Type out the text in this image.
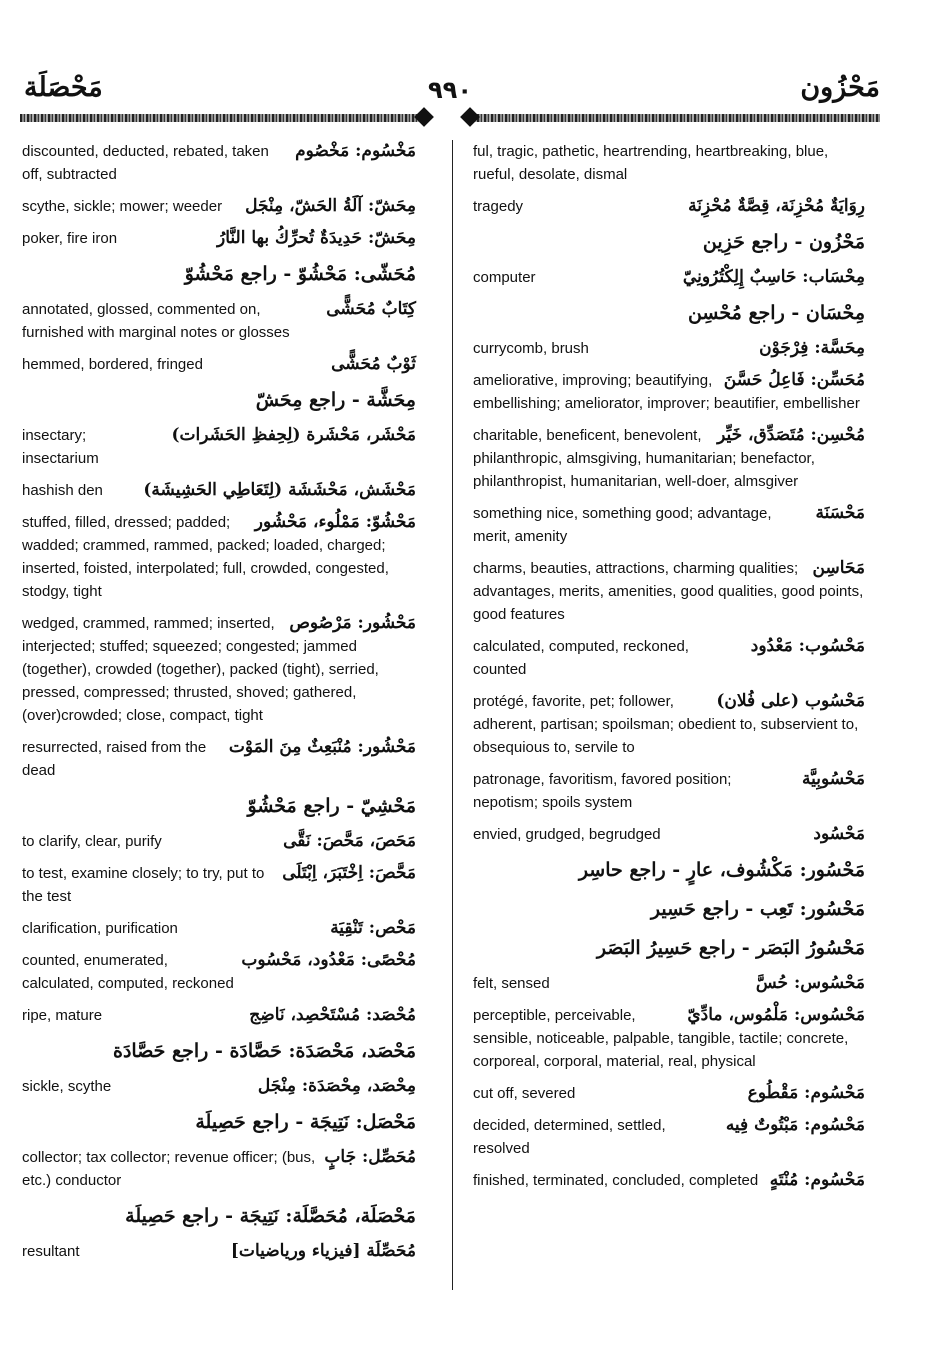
مَحْصَلَة	٩٩٠	مَحْزُون
مَخْسُوم: مَخْصُوم
discounted, deducted, rebated, taken off, subtracted
مِحَشّ: آلَةُ الحَشّ، مِنْجَل
scythe, sickle; mower; weeder
مِحَشّ: حَدِيدَةٌ تُحرِّكُ بها النَّارُ
poker, fire iron
مُحَشّى: مَحْشُوّ - راجع مَحْشُوّ
كِتَابٌ مُحَشًّى
annotated, glossed, commented on, furnished with marginal notes or glosses
ثَوْبٌ مُحَشًّى
hemmed, bordered, fringed
مِحَشَّة - راجع مِحَشّ
مَحْشَر، مَحْشَرة (لِحِفظِ الحَشَرات)
insectary; insectarium
مَحْشَش، مَحْشَشَة (لِتَعَاطِي الحَشِيشَة)
hashish den
مَحْشُوّ: مَمْلُوء، مَحْشُور
stuffed, filled, dressed; padded; wadded; crammed, rammed, packed; loaded, charged; inserted, foisted, interpolated; full, crowded, congested, stodgy, tight
مَحْشُور: مَرْصُوص
wedged, crammed, rammed; inserted, interjected; stuffed; squeezed; congested; jammed (together), crowded (together), packed (tight), serried, pressed, compressed; thrusted, shoved; gathered, (over)crowded; close, compact, tight
مَحْشُور: مُنْبَعِثٌ مِنَ المَوْت
resurrected, raised from the dead
مَحْشِيّ - راجع مَحْشُوّ
مَحَصَ، مَحَّصَ: نَقَّى
to clarify, clear, purify
مَحَّصَ: اِخْتَبَرَ، اِبْتَلَى
to test, examine closely; to try, put to the test
مَحْص: تَنْقِيَة
clarification, purification
مُحْصًى: مَعْدُود، مَحْسُوب
counted, enumerated, calculated, computed, reckoned
مُحْصَد: مُسْتَحْصِد، نَاضِج
ripe, mature
مَحْصَد، مَحْصَدَة: حَصَّادَة - راجع حَصَّادَة
مِحْصَد، مِحْصَدَة: مِنْجَل
sickle, scythe
مَحْصَل: نَتِيجَة - راجع حَصِيلَة
مُحَصِّل: جَابٍ
collector; tax collector; revenue officer; (bus, etc.) conductor
مَحْصَلَة، مُحَصَّلَة: نَتِيجَة - راجع حَصِيلَة
مُحَصِّلَة [فيزياء ورياضيات]
resultant
ful, tragic, pathetic, heartrending, heartbreaking, blue, rueful, desolate, dismal
رِوَايَةٌ مُحْزِنَة، قِصَّةٌ مُحْزِنَة
tragedy
مَحْزُون - راجع حَزِين
مِحْسَاب: حَاسِبٌ إِلِكْتُرُونِيّ
computer
مِحْسَان - راجع مُحْسِن
مِحَسَّة: فِرْجَوْن
currycomb, brush
مُحَسِّن: فَاعِلُ حَسَّنَ
ameliorative, improving; beautifying, embellishing; ameliorator, improver; beautifier, embellisher
مُحْسِن: مُتَصَدِّق، خَيِّر
charitable, beneficent, benevolent, philanthropic, almsgiving, humanitarian; benefactor, philanthropist, humanitarian, well-doer, almsgiver
مَحْسَنَة
something nice, something good; advantage, merit, amenity
مَحَاسِن
charms, beauties, attractions, charming qualities; advantages, merits, amenities, good qualities, good points, good features
مَحْسُوب: مَعْدُود
calculated, computed, reckoned, counted
مَحْسُوب (على فُلان)
protégé, favorite, pet; follower, adherent, partisan; spoilsman; obedient to, subservient to, obsequious to, servile to
مَحْسُوبِيَّة
patronage, favoritism, favored position; nepotism; spoils system
مَحْسُود
envied, grudged, begrudged
مَحْسُور: مَكْشُوف، عارٍ - راجع حاسِر
مَحْسُور: تَعِب - راجع حَسِير
مَحْسُورُ البَصَر - راجع حَسِيرُ البَصَر
مَحْسُوس: حُسَّ
felt, sensed
مَحْسُوس: مَلْمُوس، مادِّيّ
perceptible, perceivable, sensible, noticeable, palpable, tangible, tactile; concrete, corporeal, corporal, material, real, physical
مَحْسُوم: مَقْطُوع
cut off, severed
مَحْسُوم: مَبْتُوتٌ فِيه
decided, determined, settled, resolved
مَحْسُوم: مُنْتَهٍ
finished, terminated, concluded, completed
